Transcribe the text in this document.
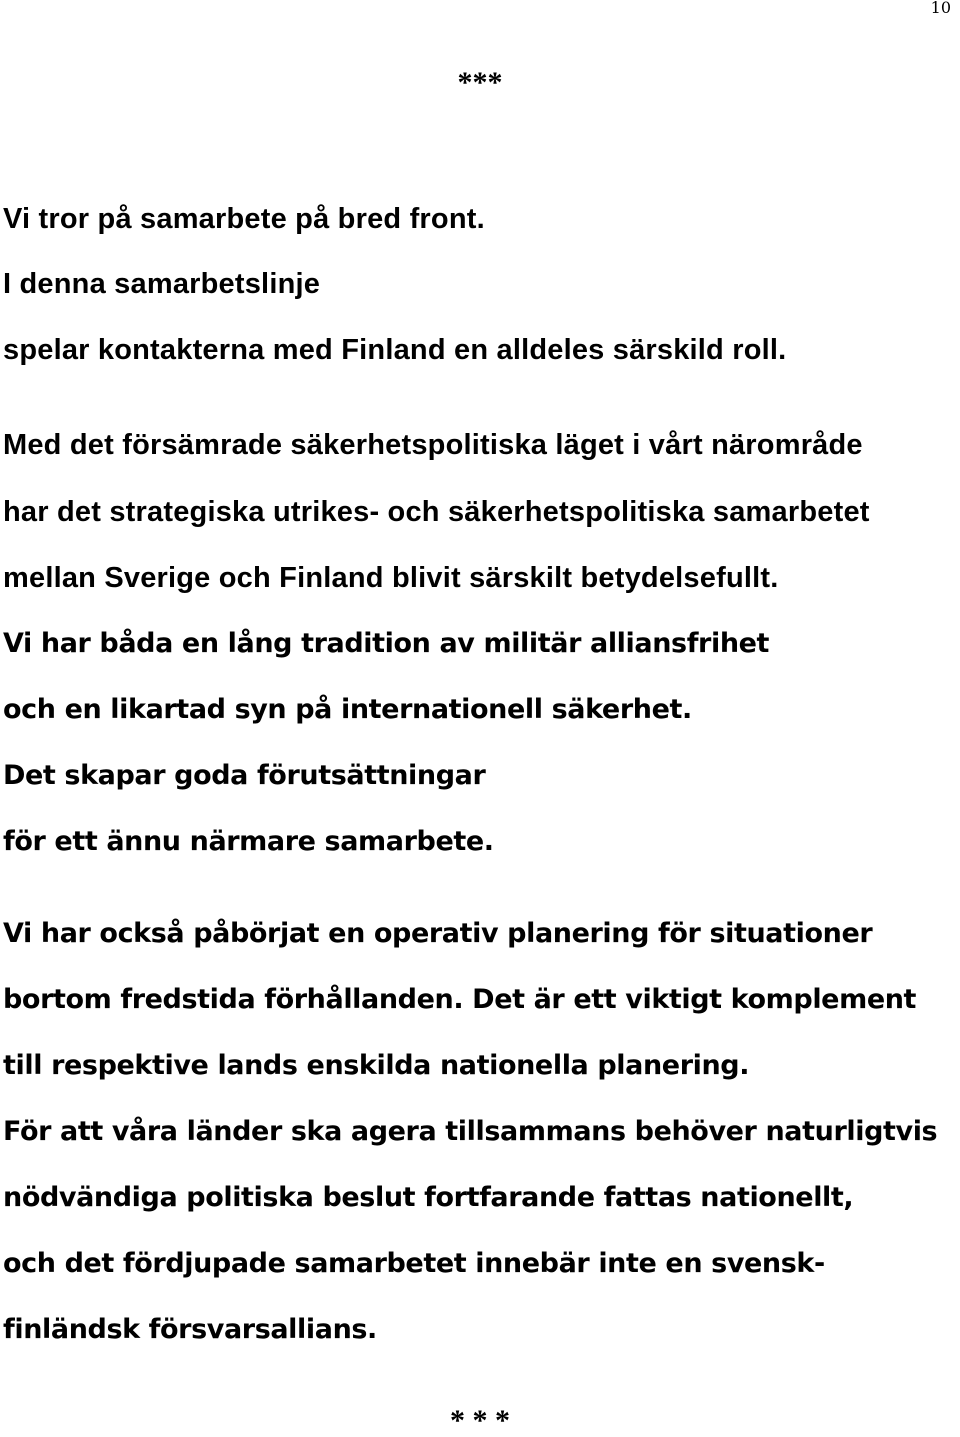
10
***
Vi tror på samarbete på bred front.
I denna samarbetslinje
spelar kontakterna med Finland en alldeles särskild roll.
Med det försämrade säkerhetspolitiska läget i vårt närområde
har det strategiska utrikes- och säkerhetspolitiska samarbetet
mellan Sverige och Finland blivit särskilt betydelsefullt.
Vi har båda en lång tradition av militär alliansfrihet
och en likartad syn på internationell säkerhet.
Det skapar goda förutsättningar
för ett ännu närmare samarbete.
Vi har också påbörjat en operativ planering för situationer
bortom fredstida förhållanden. Det är ett viktigt komplement
till respektive lands enskilda nationella planering.
För att våra länder ska agera tillsammans behöver naturligtvis
nödvändiga politiska beslut fortfarande fattas nationellt,
och det fördjupade samarbetet innebär inte en svensk-
finländsk försvarsallians.
* * *
